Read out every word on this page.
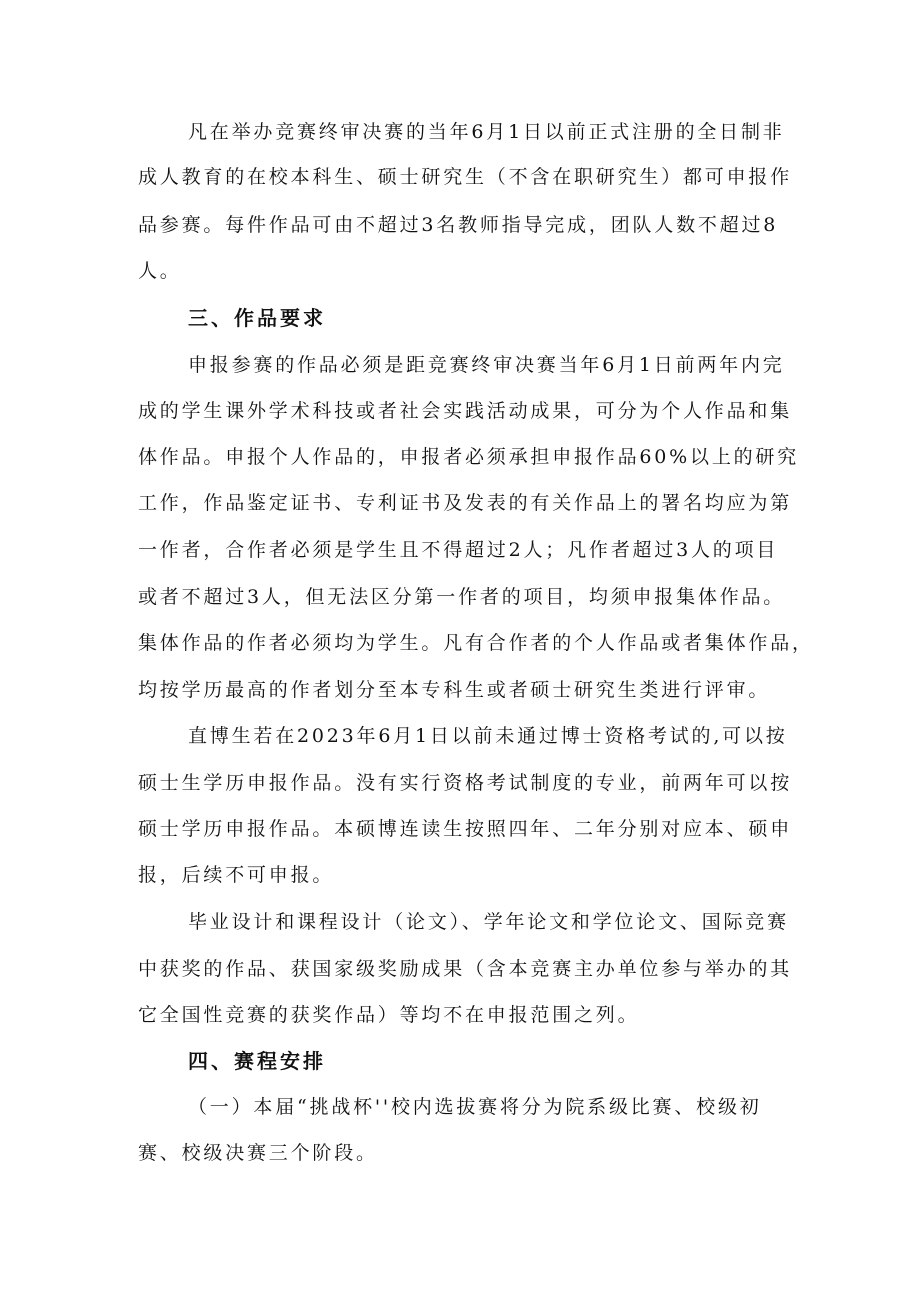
凡在举办竞赛终审决赛的当年6月1日以前正式注册的全日制非
成人教育的在校本科生、硕士研究生（不含在职研究生）都可申报作
品参赛。每件作品可由不超过3名教师指导完成，团队人数不超过8
人。
三、作品要求
申报参赛的作品必须是距竞赛终审决赛当年6月1日前两年内完
成的学生课外学术科技或者社会实践活动成果，可分为个人作品和集
体作品。申报个人作品的，申报者必须承担申报作品60%以上的研究
工作，作品鉴定证书、专利证书及发表的有关作品上的署名均应为第
一作者，合作者必须是学生且不得超过2人；凡作者超过3人的项目
或者不超过3人，但无法区分第一作者的项目，均须申报集体作品。
集体作品的作者必须均为学生。凡有合作者的个人作品或者集体作品，
均按学历最高的作者划分至本专科生或者硕士研究生类进行评审。
直博生若在2023年6月1日以前未通过博士资格考试的,可以按
硕士生学历申报作品。没有实行资格考试制度的专业，前两年可以按
硕士学历申报作品。本硕博连读生按照四年、二年分别对应本、硕申
报，后续不可申报。
毕业设计和课程设计（论文）、学年论文和学位论文、国际竞赛
中获奖的作品、获国家级奖励成果（含本竞赛主办单位参与举办的其
它全国性竞赛的获奖作品）等均不在申报范围之列。
四、赛程安排
（一）本届“挑战杯''校内选拔赛将分为院系级比赛、校级初
赛、校级决赛三个阶段。
